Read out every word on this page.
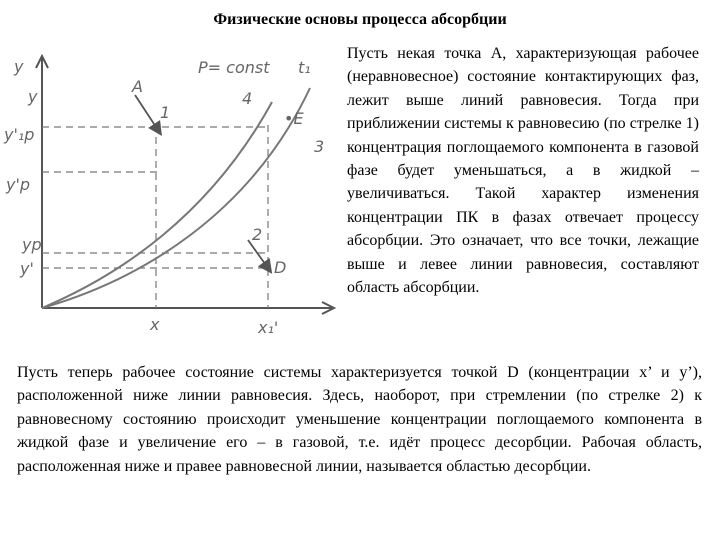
Физические основы процесса абсорбции
y
y
y'₁p
y'p
yp
y'
x	x₁'
P= const t₁
A
1
4
•E
3
2
D
Пусть некая точка А, характеризующая рабочее (неравновесное) состояние контактирующих фаз, лежит выше линий равновесия. Тогда при приближении системы к равновесию (по стрелке 1) концентрация поглощаемого компонента в газовой фазе будет уменьшаться, а в жидкой – увеличиваться. Такой характер изменения концентрации ПК в фазах отвечает процессу абсорбции. Это означает, что все точки, лежащие выше и левее линии равновесия, составляют область абсорбции.
Пусть теперь рабочее состояние системы характеризуется точкой D (концентрации x’ и y’), расположенной ниже линии равновесия. Здесь, наоборот, при стремлении (по стрелке 2) к равновесному состоянию происходит уменьшение концентрации поглощаемого компонента в жидкой фазе и увеличение его – в газовой, т.е. идёт процесс десорбции. Рабочая область, расположенная ниже и правее равновесной линии, называется областью десорбции.
